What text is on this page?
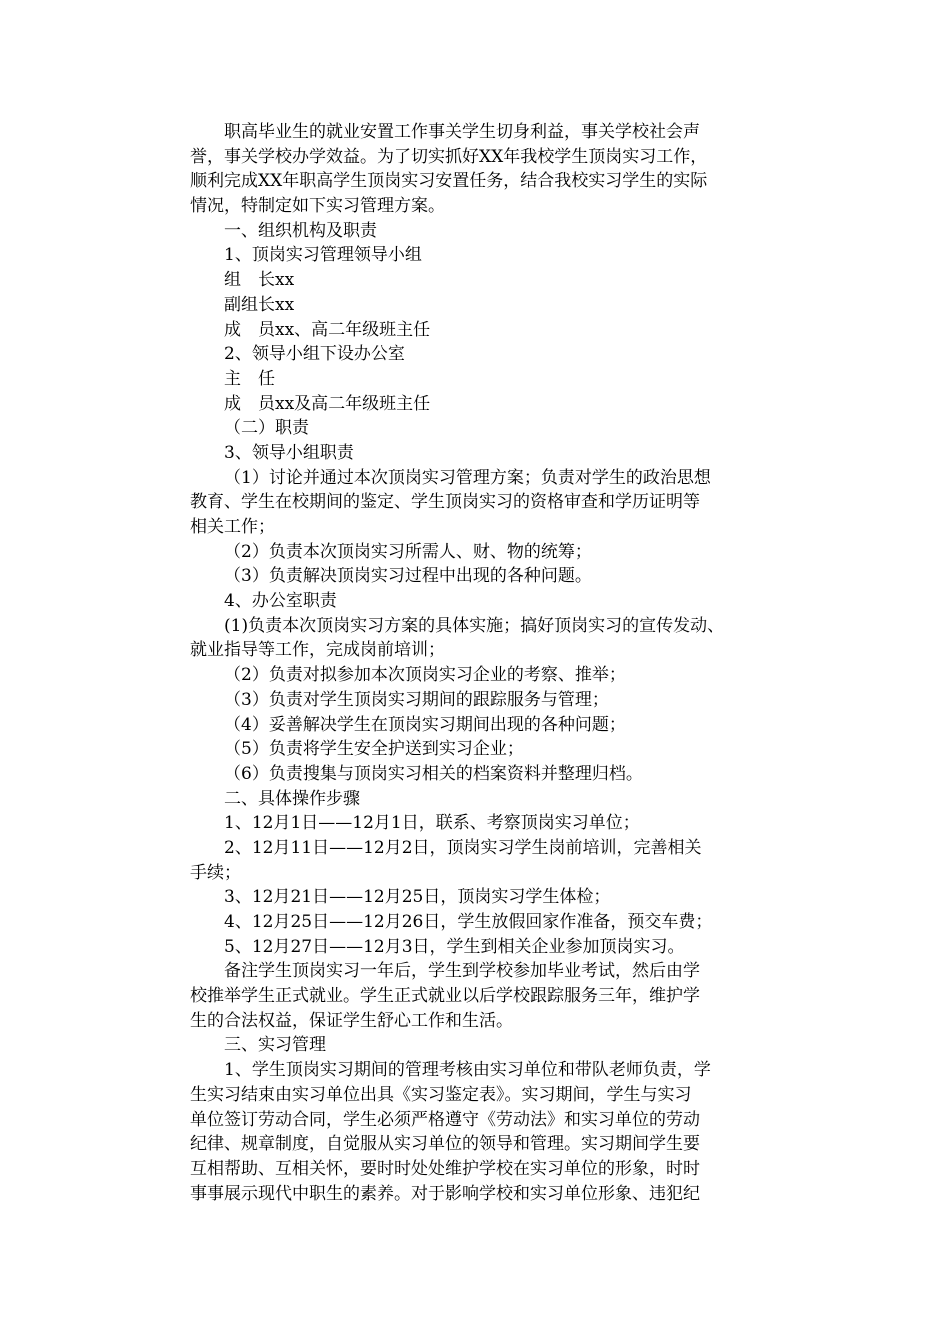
职高毕业生的就业安置工作事关学生切身利益，事关学校社会声
誉，事关学校办学效益。为了切实抓好XX年我校学生顶岗实习工作，
顺利完成XX年职高学生顶岗实习安置任务，结合我校实习学生的实际
情况，特制定如下实习管理方案。
一、组织机构及职责
1、顶岗实习管理领导小组
组　长xx
副组长xx
成　员xx、高二年级班主任
2、领导小组下设办公室
主　任
成　员xx及高二年级班主任
（二）职责
3、领导小组职责
（1）讨论并通过本次顶岗实习管理方案；负责对学生的政治思想
教育、学生在校期间的鉴定、学生顶岗实习的资格审查和学历证明等
相关工作；
（2）负责本次顶岗实习所需人、财、物的统筹；
（3）负责解决顶岗实习过程中出现的各种问题。
4、办公室职责
(1)负责本次顶岗实习方案的具体实施；搞好顶岗实习的宣传发动、
就业指导等工作，完成岗前培训；
（2）负责对拟参加本次顶岗实习企业的考察、推举；
（3）负责对学生顶岗实习期间的跟踪服务与管理；
（4）妥善解决学生在顶岗实习期间出现的各种问题；
（5）负责将学生安全护送到实习企业；
（6）负责搜集与顶岗实习相关的档案资料并整理归档。
二、具体操作步骤
1、12月1日——12月1日，联系、考察顶岗实习单位；
2、12月11日——12月2日，顶岗实习学生岗前培训，完善相关
手续；
3、12月21日——12月25日，顶岗实习学生体检；
4、12月25日——12月26日，学生放假回家作准备，预交车费；
5、12月27日——12月3日，学生到相关企业参加顶岗实习。
备注学生顶岗实习一年后，学生到学校参加毕业考试，然后由学
校推举学生正式就业。学生正式就业以后学校跟踪服务三年，维护学
生的合法权益，保证学生舒心工作和生活。
三、实习管理
1、学生顶岗实习期间的管理考核由实习单位和带队老师负责，学
生实习结束由实习单位出具《实习鉴定表》。实习期间，学生与实习
单位签订劳动合同，学生必须严格遵守《劳动法》和实习单位的劳动
纪律、规章制度，自觉服从实习单位的领导和管理。实习期间学生要
互相帮助、互相关怀，要时时处处维护学校在实习单位的形象，时时
事事展示现代中职生的素养。对于影响学校和实习单位形象、违犯纪
